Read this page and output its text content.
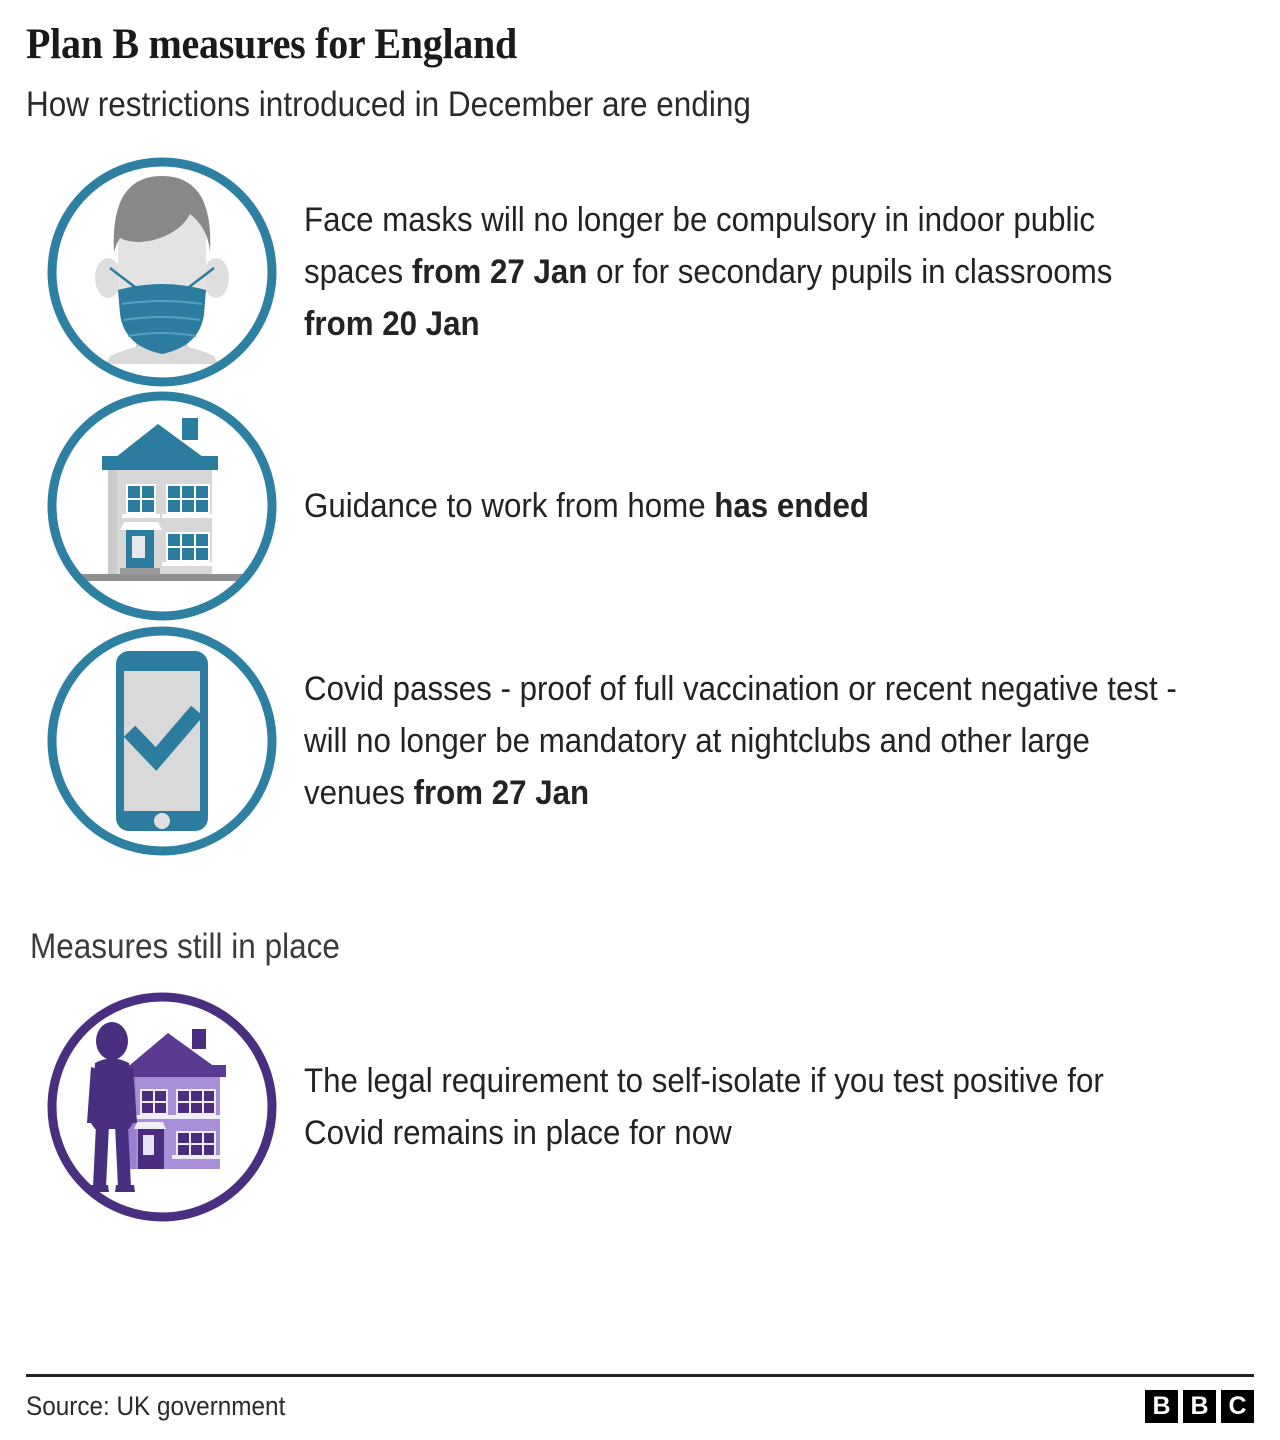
Plan B measures for England
How restrictions introduced in December are ending
Face masks will no longer be compulsory in indoor public spaces from 27 Jan or for secondary pupils in classrooms from 20 Jan
Guidance to work from home has ended
Covid passes - proof of full vaccination or recent negative test - will no longer be mandatory at nightclubs and other large venues from 27 Jan
Measures still in place
The legal requirement to self-isolate if you test positive for Covid remains in place for now
Source: UK government	B B C
